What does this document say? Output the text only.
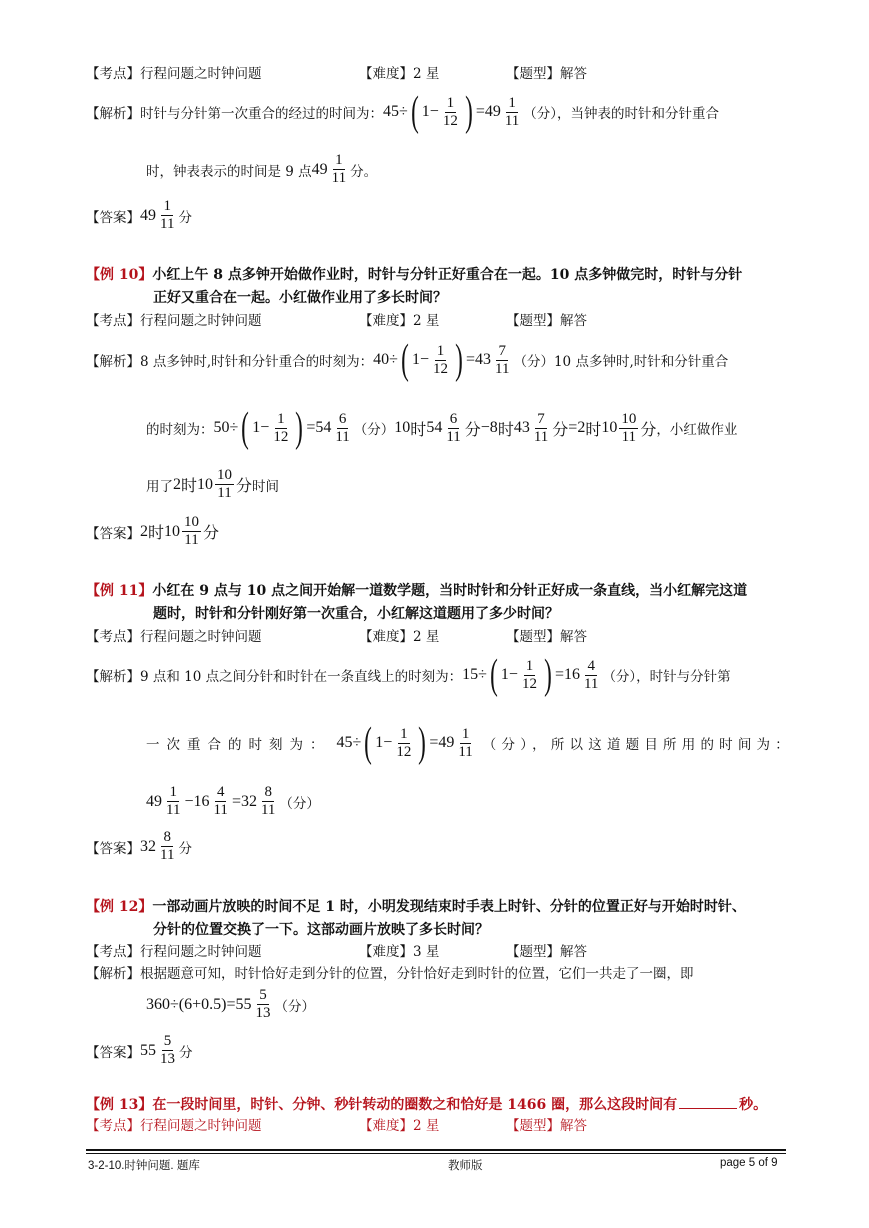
【考点】 行程问题之时钟问题	【难度】 2 星	【题型】 解答
【解析】 时针与分针第一次重合的经过的时间为： 45÷ ( $1- \frac{1}{12}$ ) $=49 \frac{1}{11}$ （分），当钟表的时针和分针重合
时，钟表表示的时间是 9 点 $49 \frac{1}{11}$ 分。
【答案】 $49 \frac{1}{11}$ 分
【例 10】小红上午 8 点多钟开始做作业时，时针与分针正好重合在一起。10 点多钟做完时，时针与分针
正好又重合在一起。小红做作业用了多长时间？
【考点】 行程问题之时钟问题	【难度】 2 星	【题型】 解答
【解析】 8 点多钟时,时针和分针重合的时刻为： 40÷ ( $1- \frac{1}{12}$ ) $=43 \frac{7}{11}$ （分）10 点多钟时,时针和分针重合
的时刻为： 50÷ ( $1- \frac{1}{12}$ ) $=54 \frac{6}{11}$ （分） 10 时 $54 \frac{6}{11}$ 分 −8 时 $43 \frac{7}{11}$ 分 =2 时 $10 \frac{10}{11}$ 分 ，小红做作业
用了 2 时 $10 \frac{10}{11}$ 分 时间
【答案】 2 时 $10 \frac{10}{11}$ 分
【例 11】小红在 9 点与 10 点之间开始解一道数学题，当时时针和分针正好成一条直线，当小红解完这道
题时，时针和分针刚好第一次重合，小红解这道题用了多少时间？
【考点】 行程问题之时钟问题	【难度】 2 星	【题型】 解答
【解析】 9 点和 10 点之间分针和时针在一条直线上的时刻为： 15÷ ( $1- \frac{1}{12}$ ) $=16 \frac{4}{11}$ （分），时针与分针第
一次重合的时刻为： 45÷ ( $1- \frac{1}{12}$ ) $=49 \frac{1}{11}$ （分），所以这道题目所用的时间为：
$49 \frac{1}{11} -16 \frac{4}{11} =32 \frac{8}{11}$ （分）
【答案】 $32 \frac{8}{11}$ 分
【例 12】一部动画片放映的时间不足 1 时，小明发现结束时手表上时针、分针的位置正好与开始时时针、
分针的位置交换了一下。这部动画片放映了多长时间？
【考点】 行程问题之时钟问题	【难度】 3 星	【题型】 解答
【解析】 根据题意可知，时针恰好走到分针的位置，分针恰好走到时针的位置，它们一共走了一圈，即
$360\div(6+0.5)=55 \frac{5}{13}$ （分）
【答案】 $55 \frac{5}{13}$ 分
【例 13】在一段时间里，时针、分钟、秒针转动的圈数之和恰好是 1466 圈，那么这段时间有	秒。
【考点】 行程问题之时钟问题	【难度】 2 星	【题型】 解答
3-2-10.时钟问题. 题库	教师版	page 5 of 9
